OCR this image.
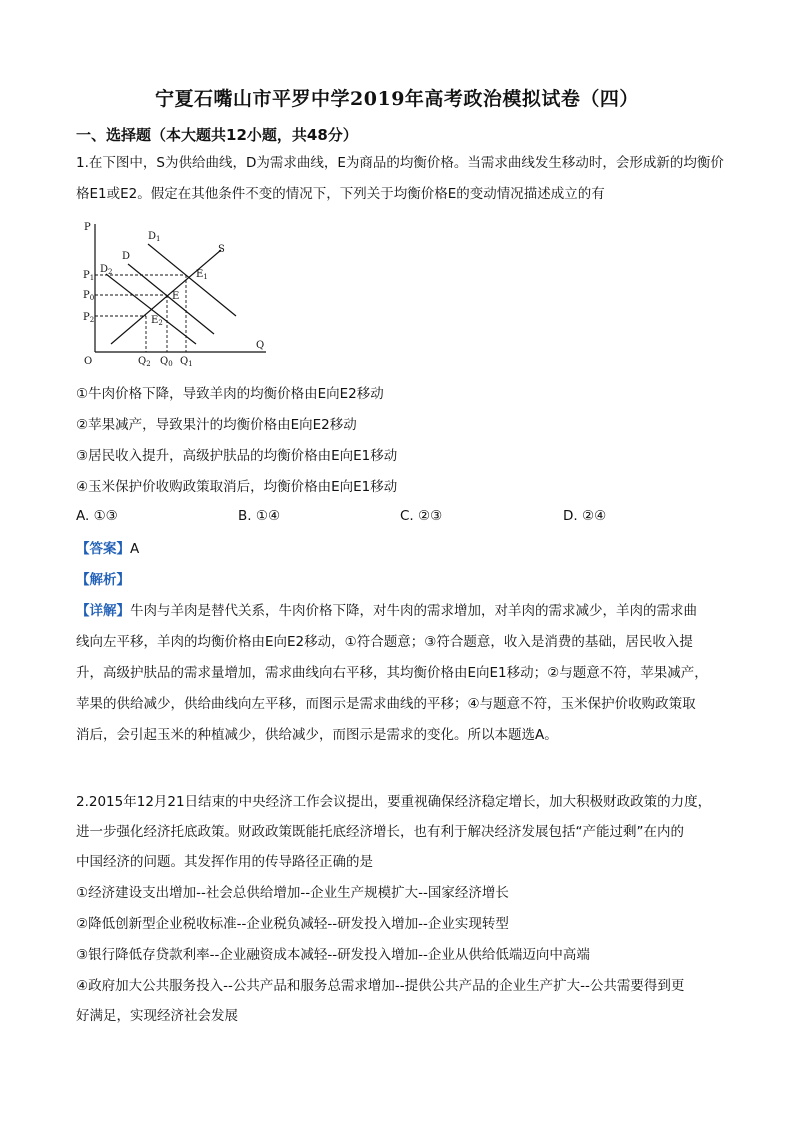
宁夏石嘴山市平罗中学2019年高考政治模拟试卷（四）
一、选择题（本大题共12小题，共48分）
1.在下图中，S为供给曲线，D为需求曲线，E为商品的均衡价格。当需求曲线发生移动时，会形成新的均衡价
格E1或E2。假定在其他条件不变的情况下，下列关于均衡价格E的变动情况描述成立的有
P
Q
O
S
D
$D_1$
$D_2$
E
$E_1$
$E_2$
$P_1$
$P_0$
$P_2$
$Q_2$ $Q_0$ $Q_1$
①牛肉价格下降，导致羊肉的均衡价格由E向E2移动
②苹果减产，导致果汁的均衡价格由E向E2移动
③居民收入提升，高级护肤品的均衡价格由E向E1移动
④玉米保护价收购政策取消后，均衡价格由E向E1移动
A. ①③	B. ①④	C. ②③	D. ②④
【答案】A
【解析】
【详解】牛肉与羊肉是替代关系，牛肉价格下降，对牛肉的需求增加，对羊肉的需求减少，羊肉的需求曲
线向左平移，羊肉的均衡价格由E向E2移动，①符合题意；③符合题意，收入是消费的基础，居民收入提
升，高级护肤品的需求量增加，需求曲线向右平移，其均衡价格由E向E1移动；②与题意不符，苹果减产，
苹果的供给减少，供给曲线向左平移，而图示是需求曲线的平移；④与题意不符，玉米保护价收购政策取
消后，会引起玉米的种植减少，供给减少，而图示是需求的变化。所以本题选A。
2.2015年12月21日结束的中央经济工作会议提出，要重视确保经济稳定增长，加大积极财政政策的力度，
进一步强化经济托底政策。财政政策既能托底经济增长，也有利于解决经济发展包括“产能过剩”在内的
中国经济的问题。其发挥作用的传导路径正确的是
①经济建设支出增加--社会总供给增加--企业生产规模扩大--国家经济增长
②降低创新型企业税收标准--企业税负减轻--研发投入增加--企业实现转型
③银行降低存贷款利率--企业融资成本减轻--研发投入增加--企业从供给低端迈向中高端
④政府加大公共服务投入--公共产品和服务总需求增加--提供公共产品的企业生产扩大--公共需要得到更
好满足，实现经济社会发展
